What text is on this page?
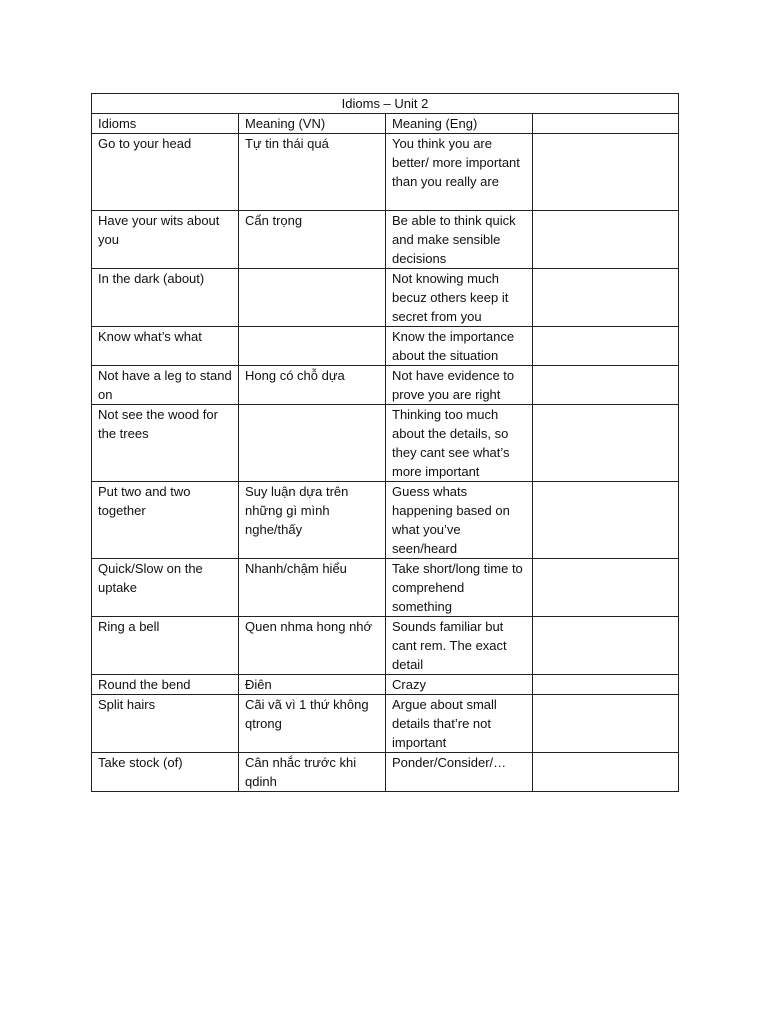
Idioms – Unit 2			
Idioms	Meaning (VN)	Meaning (Eng)	
Go to your head	Tự tin thái quá	You think you are better/ more important than you really are	
Have your wits about you	Cẩn trọng	Be able to think quick and make sensible decisions	
In the dark (about)		Not knowing much becuz others keep it secret from you	
Know what’s what		Know the importance about the situation	
Not have a leg to stand on	Hong có chỗ dựa	Not have evidence to prove you are right	
Not see the wood for the trees		Thinking too much about the details, so they cant see what’s more important	
Put two and two together	Suy luận dựa trên những gì mình nghe/thấy	Guess whats happening based on what you’ve seen/heard	
Quick/Slow on the uptake	Nhanh/chậm hiểu	Take short/long time to comprehend something	
Ring a bell	Quen nhma hong nhớ	Sounds familiar but cant rem. The exact detail	
Round the bend	Điên	Crazy	
Split hairs	Cãi vã vì 1 thứ không qtrong	Argue about small details that’re not important	
Take stock (of)	Cân nhắc trước khi qdinh	Ponder/Consider/…	
